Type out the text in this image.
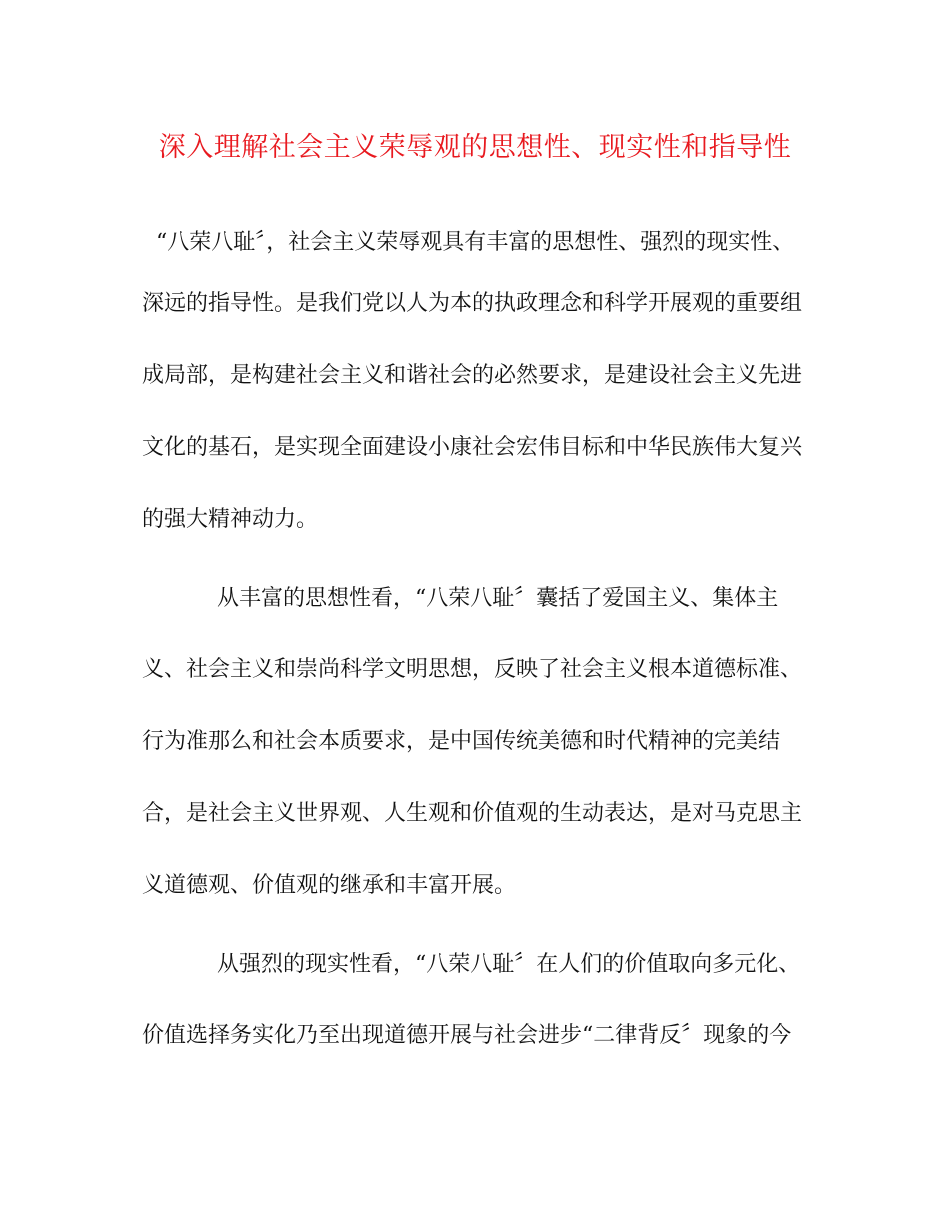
深入理解社会主义荣辱观的思想性、现实性和指导性
“八荣八耻〞，社会主义荣辱观具有丰富的思想性、强烈的现实性、
深远的指导性。是我们党以人为本的执政理念和科学开展观的重要组
成局部，是构建社会主义和谐社会的必然要求，是建设社会主义先进
文化的基石，是实现全面建设小康社会宏伟目标和中华民族伟大复兴
的强大精神动力。
从丰富的思想性看，“八荣八耻〞囊括了爱国主义、集体主
义、社会主义和崇尚科学文明思想，反映了社会主义根本道德标准、
行为准那么和社会本质要求，是中国传统美德和时代精神的完美结
合，是社会主义世界观、人生观和价值观的生动表达，是对马克思主
义道德观、价值观的继承和丰富开展。
从强烈的现实性看，“八荣八耻〞在人们的价值取向多元化、
价值选择务实化乃至出现道德开展与社会进步“二律背反〞现象的今
